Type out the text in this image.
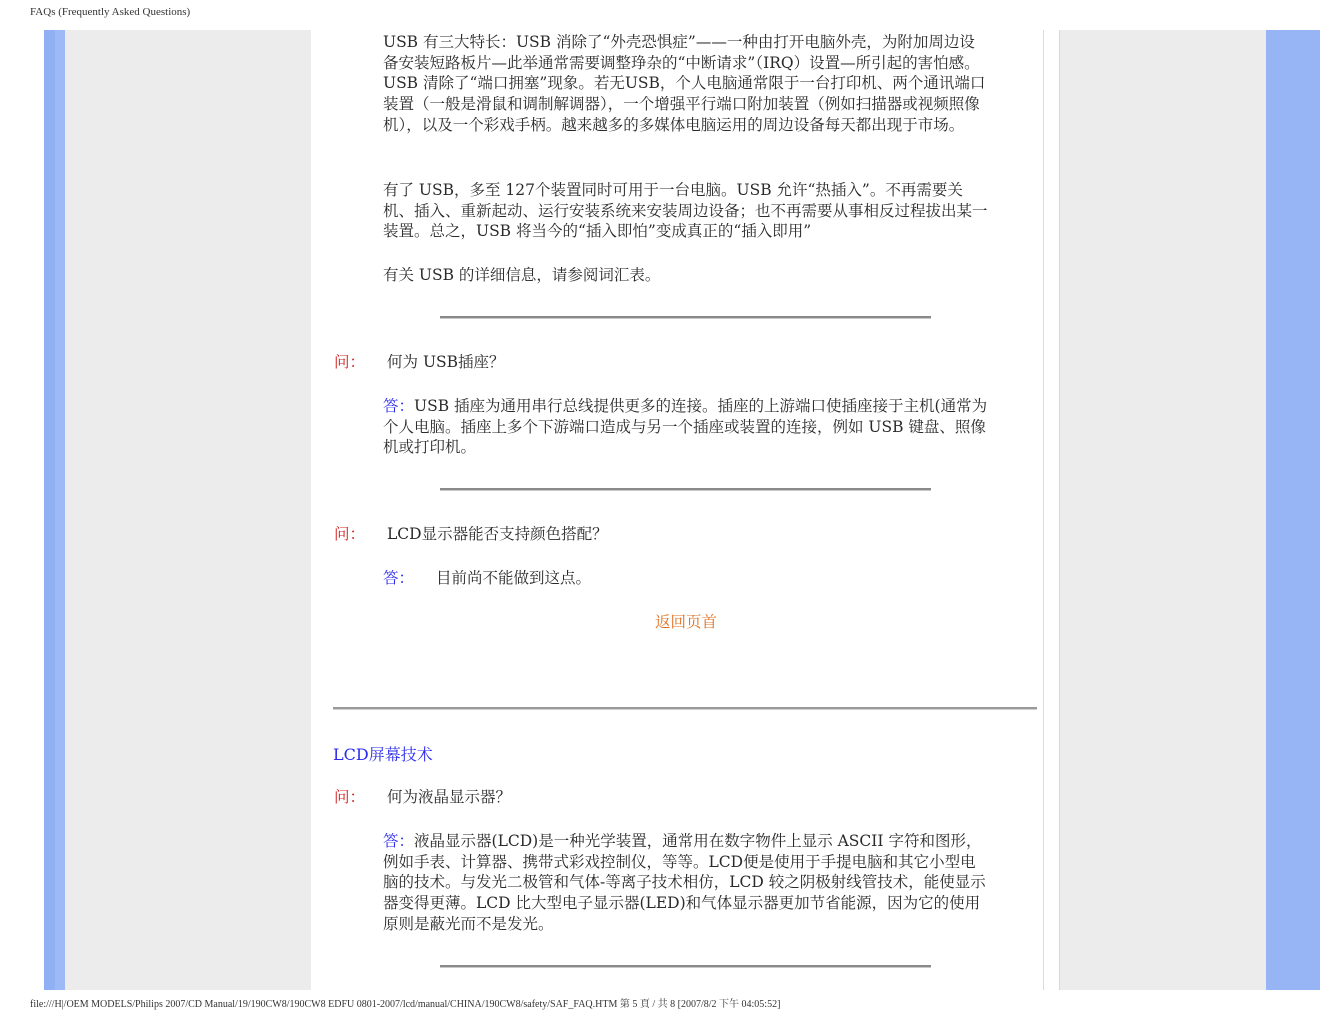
FAQs (Frequently Asked Questions)

USB 有三大特长：USB 消除了“外壳恐惧症”——一种由打开电脑外壳，为附加周边设备安装短路板片—此举通常需要调整琤杂的“中断请求”（IRQ）设置—所引起的害怕感。USB 清除了“端口拥塞”现象。若无USB，个人电脑通常限于一台打印机、两个通讯端口装置（一般是滑鼠和调制解调器），一个增强平行端口附加装置（例如扫描器或视频照像机），以及一个彩戏手柄。越来越多的多媒体电脑运用的周边设备每天都出现于市场。

有了 USB，多至 127个装置同时可用于一台电脑。USB 允许“热插入”。不再需要关机、插入、重新起动、运行安装系统来安装周边设备；也不再需要从事相反过程拔出某一装置。总之，USB 将当今的“插入即怕”变成真正的“插入即用”

有关 USB 的详细信息，请参阅词汇表。

问： 何为 USB插座？

答：USB 插座为通用串行总线提供更多的连接。插座的上游端口使插座接于主机(通常为个人电脑。插座上多个下游端口造成与另一个插座或装置的连接，例如 USB 键盘、照像机或打印机。

问： LCD显示器能否支持颜色搭配？

答： 目前尚不能做到这点。

返回页首
LCD屏幕技术
问： 何为液晶显示器？

答：液晶显示器(LCD)是一种光学装置，通常用在数字物件上显示 ASCII 字符和图形，例如手表、计算器、携带式彩戏控制仪，等等。LCD便是使用于手提电脑和其它小型电脑的技术。与发光二极管和气体-等离子技术相仿，LCD 较之阴极射线管技术，能使显示器变得更薄。LCD 比大型电子显示器(LED)和气体显示器更加节省能源，因为它的使用原则是蔽光而不是发光。

file:///H|/OEM MODELS/Philips 2007/CD Manual/19/190CW8/190CW8 EDFU 0801-2007/lcd/manual/CHINA/190CW8/safety/SAF_FAQ.HTM 第 5 頁 / 共 8 [2007/8/2 下午 04:05:52]
